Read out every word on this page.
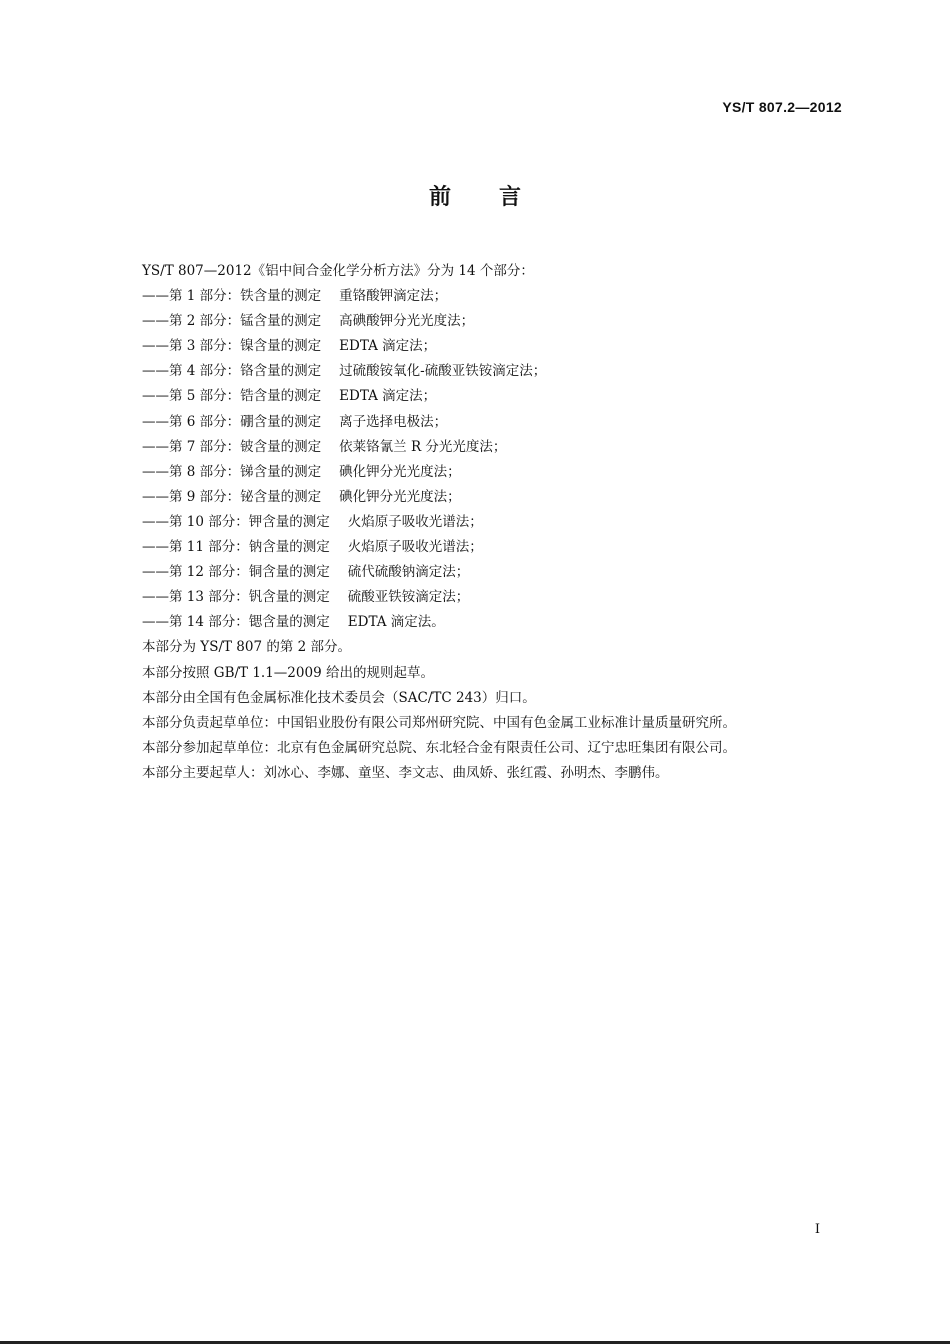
YS/T 807.2—2012
前言

YS/T 807—2012《铝中间合金化学分析方法》分为 14 个部分：

——第 1 部分：铁含量的测定 重铬酸钾滴定法；

——第 2 部分：锰含量的测定 高碘酸钾分光光度法；

——第 3 部分：镍含量的测定 EDTA 滴定法；

——第 4 部分：铬含量的测定 过硫酸铵氧化-硫酸亚铁铵滴定法；

——第 5 部分：锆含量的测定 EDTA 滴定法；

——第 6 部分：硼含量的测定 离子选择电极法；

——第 7 部分：铍含量的测定 依莱铬氰兰 R 分光光度法；

——第 8 部分：锑含量的测定 碘化钾分光光度法；

——第 9 部分：铋含量的测定 碘化钾分光光度法；

——第 10 部分：钾含量的测定 火焰原子吸收光谱法；

——第 11 部分：钠含量的测定 火焰原子吸收光谱法；

——第 12 部分：铜含量的测定 硫代硫酸钠滴定法；

——第 13 部分：钒含量的测定 硫酸亚铁铵滴定法；

——第 14 部分：锶含量的测定 EDTA 滴定法。

本部分为 YS/T 807 的第 2 部分。

本部分按照 GB/T 1.1—2009 给出的规则起草。

本部分由全国有色金属标准化技术委员会（SAC/TC 243）归口。

本部分负责起草单位：中国铝业股份有限公司郑州研究院、中国有色金属工业标准计量质量研究所。

本部分参加起草单位：北京有色金属研究总院、东北轻合金有限责任公司、辽宁忠旺集团有限公司。

本部分主要起草人：刘冰心、李娜、童坚、李文志、曲凤娇、张红霞、孙明杰、李鹏伟。

I
